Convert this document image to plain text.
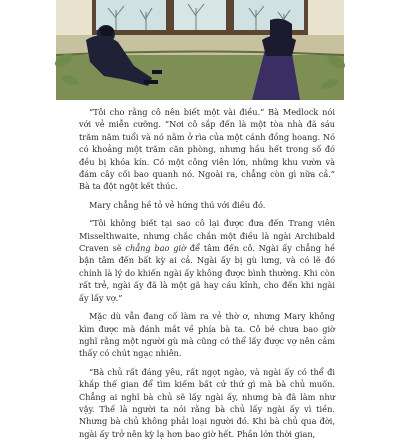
“Tôi cho rằng cô nên biết một vài điều.” Bà Medlock nói với vẻ miễn cưỡng. “Nơi cô sắp đến là một tòa nhà đã sáu trăm năm tuổi và nó nằm ở rìa của một cánh đồng hoang. Nó có khoảng một trăm căn phòng, nhưng hầu hết trong số đó đều bị khóa kín. Có một công viên lớn, những khu vườn và đám cây cối bao quanh nó. Ngoài ra, chẳng còn gì nữa cả.” Bà ta đột ngột kết thúc.

Mary chẳng hề tỏ vẻ hứng thú với điều đó.

“Tôi không biết tại sao cô lại được đưa đến Trang viên Misselthwaite, nhưng chắc chắn một điều là ngài Archibald Craven sẽ chẳng bao giờ để tâm đến cô. Ngài ấy chẳng hề bận tâm đến bất kỳ ai cả. Ngài ấy bị gù lưng, và có lẽ đó chính là lý do khiến ngài ấy không được bình thường. Khi còn rất trẻ, ngài ấy đã là một gã hay cáu kỉnh, cho đến khi ngài ấy lấy vợ.”

Mặc dù vẫn đang cố làm ra vẻ thờ ơ, nhưng Mary không kìm được mà đánh mắt về phía bà ta. Cô bé chưa bao giờ nghĩ rằng một người gù mà cũng có thể lấy được vợ nên cảm thấy có chút ngạc nhiên.

“Bà chủ rất đáng yêu, rất ngọt ngào, và ngài ấy có thể đi khắp thế gian để tìm kiếm bất cứ thứ gì mà bà chủ muốn. Chẳng ai nghĩ bà chủ sẽ lấy ngài ấy, nhưng bà đã làm như vậy. Thế là người ta nói rằng bà chủ lấy ngài ấy vì tiền. Nhưng bà chủ không phải loại người đó. Khi bà chủ qua đời, ngài ấy trở nên kỳ lạ hơn bao giờ hết. Phần lớn thời gian,
